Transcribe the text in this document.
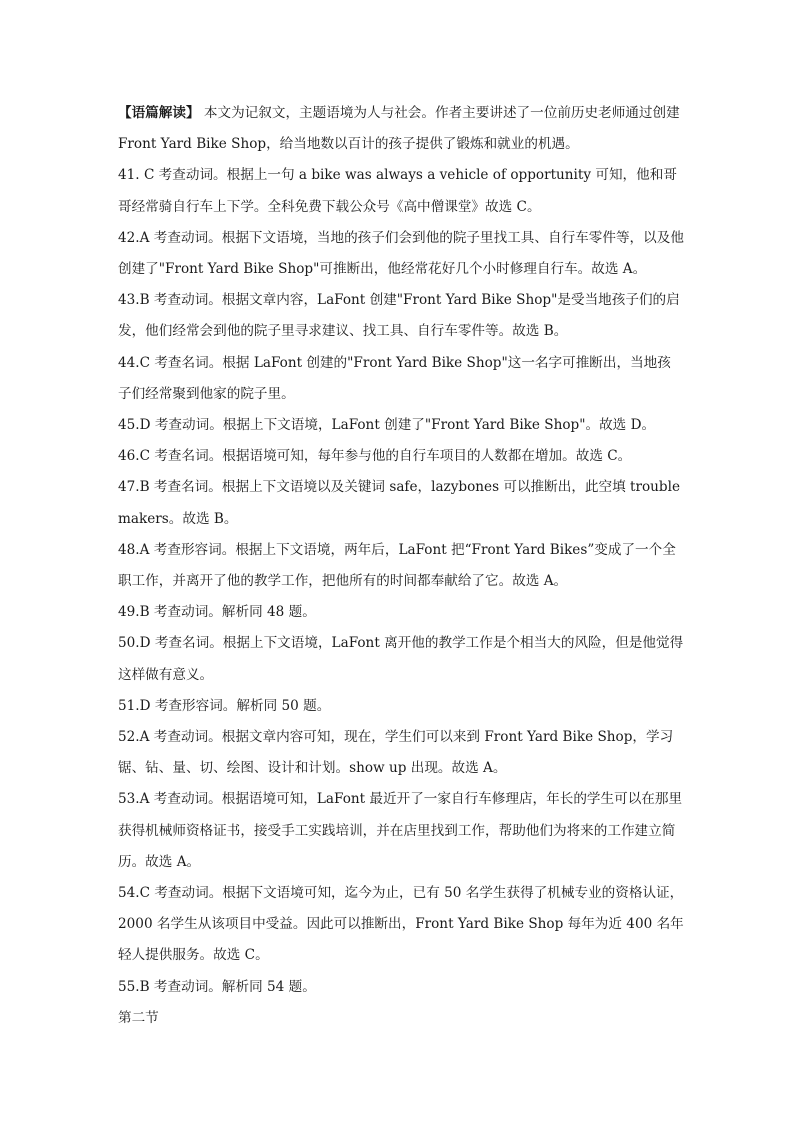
【语篇解读】 本文为记叙文，主题语境为人与社会。作者主要讲述了一位前历史老师通过创建 Front Yard Bike Shop，给当地数以百计的孩子提供了锻炼和就业的机遇。

41. C 考查动词。根据上一句 a bike was always a vehicle of opportunity 可知，他和哥哥经常骑自行车上下学。全科免费下载公众号《高中僧课堂》故选 C。

42.A 考查动词。根据下文语境，当地的孩子们会到他的院子里找工具、自行车零件等，以及他创建了"Front Yard Bike Shop"可推断出，他经常花好几个小时修理自行车。故选 A。

43.B 考查动词。根据文章内容，LaFont 创建"Front Yard Bike Shop"是受当地孩子们的启发，他们经常会到他的院子里寻求建议、找工具、自行车零件等。故选 B。

44.C 考查名词。根据 LaFont 创建的"Front Yard Bike Shop"这一名字可推断出，当地孩子们经常聚到他家的院子里。

45.D 考查动词。根据上下文语境，LaFont 创建了"Front Yard Bike Shop"。故选 D。

46.C 考查名词。根据语境可知，每年参与他的自行车项目的人数都在增加。故选 C。

47.B 考查名词。根据上下文语境以及关键词 safe，lazybones 可以推断出，此空填 troublemakers。故选 B。

48.A 考查形容词。根据上下文语境，两年后，LaFont 把“Front Yard Bikes”变成了一个全职工作，并离开了他的教学工作，把他所有的时间都奉献给了它。故选 A。

49.B 考查动词。解析同 48 题。

50.D 考查名词。根据上下文语境，LaFont 离开他的教学工作是个相当大的风险，但是他觉得这样做有意义。

51.D 考查形容词。解析同 50 题。

52.A 考查动词。根据文章内容可知，现在，学生们可以来到 Front Yard Bike Shop，学习锯、钻、量、切、绘图、设计和计划。show up 出现。故选 A。

53.A 考查动词。根据语境可知，LaFont 最近开了一家自行车修理店，年长的学生可以在那里获得机械师资格证书，接受手工实践培训，并在店里找到工作，帮助他们为将来的工作建立简历。故选 A。

54.C 考查动词。根据下文语境可知，迄今为止，已有 50 名学生获得了机械专业的资格认证，2000 名学生从该项目中受益。因此可以推断出，Front Yard Bike Shop 每年为近 400 名年轻人提供服务。故选 C。

55.B 考查动词。解析同 54 题。

第二节
